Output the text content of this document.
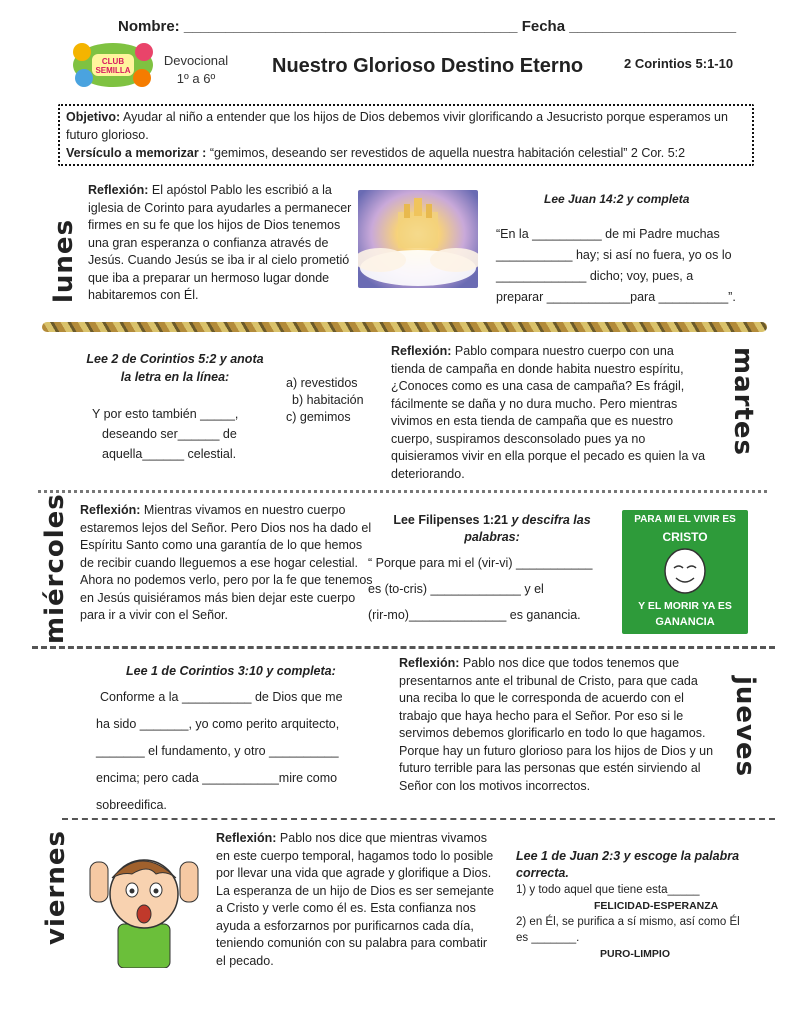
Nombre: ________________________________________ Fecha ____________________
CLUB SEMILLA
Devocional
1º a 6º
Nuestro Glorioso Destino Eterno	2 Corintios 5:1-10
Objetivo: Ayudar al niño a entender que los hijos de Dios debemos vivir glorificando a Jesucristo porque esperamos un futuro glorioso.
Versículo a memorizar : “gemimos, deseando ser revestidos de aquella nuestra habitación celestial” 2 Cor. 5:2
lunes
Reflexión: El apóstol Pablo les escribió a la iglesia de Corinto para ayudarles a permanecer firmes en su fe que los hijos de Dios tenemos una gran esperanza o confianza através de Jesús. Cuando Jesús se iba ir al cielo prometió que iba a preparar un hermoso lugar donde habitaremos con Él.
Lee Juan 14:2 y completa
“En la __________ de mi Padre muchas
___________ hay; si así no fuera, yo os lo
_____________ dicho; voy, pues, a
preparar ____________para __________”.
Lee 2 de Corintios 5:2 y anota la letra en la línea:
Y por esto también _____,
deseando ser______ de
aquella______ celestial.
a) revestidos
b) habitación
c) gemimos
Reflexión: Pablo compara nuestro cuerpo con una tienda de campaña en donde habita nuestro espíritu, ¿Conoces como es una casa de campaña? Es frágil, fácilmente se daña y no dura mucho. Pero mientras vivimos en esta tienda de campaña que es nuestro cuerpo, suspiramos desconsolado pues ya no quisieramos vivir en ella porque el pecado es quien la va deteriorando.
martes
miércoles Reflexión: Mientras vivamos en nuestro cuerpo estaremos lejos del Señor. Pero Dios nos ha dado el Espíritu Santo como una garantía de lo que hemos de recibir cuando lleguemos a ese hogar celestial. Ahora no podemos verlo, pero por la fe que tenemos en Jesús quisiéramos más bien dejar este cuerpo para ir a vivir con el Señor.
Lee Filipenses 1:21 y descifra las palabras:
“ Porque para mi el (vir-vi) ___________
es (to-cris) _____________ y el
(rir-mo)______________ es ganancia.
PARA MI EL VIVIR ES
CRISTO
Y EL MORIR YA ES
GANANCIA
Lee 1 de Corintios 3:10 y completa:
Conforme a la __________ de Dios que me
ha sido _______, yo como perito arquitecto,
_______ el fundamento, y otro __________
encima; pero cada ___________mire como
sobreedifica.
Reflexión: Pablo nos dice que todos tenemos que presentarnos ante el tribunal de Cristo, para que cada una reciba lo que le corresponda de acuerdo con el trabajo que haya hecho para el Señor. Por eso si le servimos debemos glorificarlo en todo lo que hagamos. Porque hay un futuro glorioso para los hijos de Dios y un futuro terrible para las personas que estén sirviendo al Señor con los motivos incorrectos.
jueves
viernes	Reflexión: Pablo nos dice que mientras vivamos en este cuerpo temporal, hagamos todo lo posible por llevar una vida que agrade y glorifique a Dios. La esperanza de un hijo de Dios es ser semejante a Cristo y verle como él es. Esta confianza nos ayuda a esforzarnos por purificarnos cada día, teniendo comunión con su palabra para combatir el pecado.
Lee 1 de Juan 2:3 y escoge la palabra correcta.
1) y todo aquel que tiene esta_____
FELICIDAD-ESPERANZA
2) en Él, se purifica a sí mismo, así como Él es _______.
PURO-LIMPIO
